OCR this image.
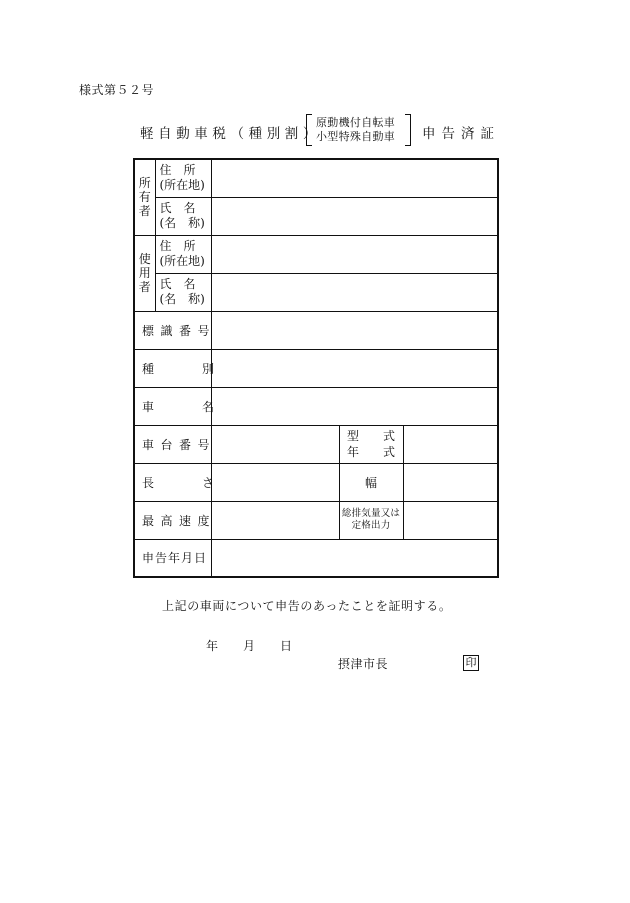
様式第５２号
軽自動車税（種別割）
原動機付自転車
小型特殊自動車 申告済証
所
有
者	住　所
(所在地)			

	氏　名
(名　称)			

使
用
者	住　所
(所在地)			

	氏　名
(名　称)			

標識番号				
種別				
車名				
車台番号			型　　式
年　　式	

長さ			幅	
最高速度			総排気量又は
定格出力	

申告年月日				
上記の車両について申告のあったことを証明する。
年 月 日
摂津市長	印
